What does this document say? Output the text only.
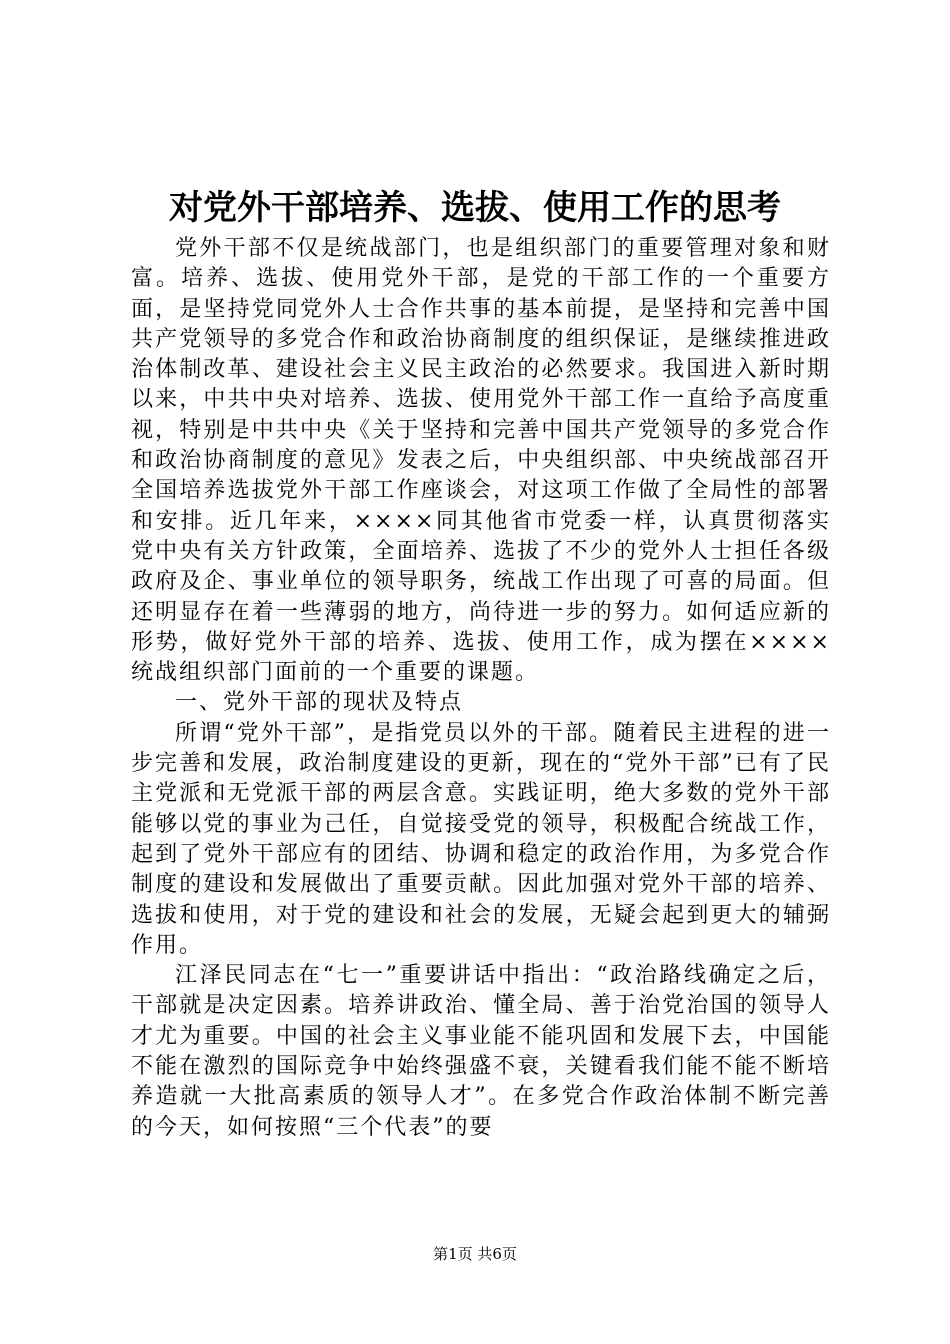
对党外干部培养、选拔、使用工作的思考

党外干部不仅是统战部门，也是组织部门的重要管理对象和财富。培养、选拔、使用党外干部，是党的干部工作的一个重要方面，是坚持党同党外人士合作共事的基本前提，是坚持和完善中国共产党领导的多党合作和政治协商制度的组织保证，是继续推进政治体制改革、建设社会主义民主政治的必然要求。我国进入新时期以来，中共中央对培养、选拔、使用党外干部工作一直给予高度重视，特别是中共中央《关于坚持和完善中国共产党领导的多党合作和政治协商制度的意见》发表之后，中央组织部、中央统战部召开全国培养选拔党外干部工作座谈会，对这项工作做了全局性的部署和安排。近几年来，××××同其他省市党委一样，认真贯彻落实党中央有关方针政策，全面培养、选拔了不少的党外人士担任各级政府及企、事业单位的领导职务，统战工作出现了可喜的局面。但还明显存在着一些薄弱的地方，尚待进一步的努力。如何适应新的形势，做好党外干部的培养、选拔、使用工作，成为摆在××××统战组织部门面前的一个重要的课题。

一、党外干部的现状及特点

所谓“党外干部”，是指党员以外的干部。随着民主进程的进一步完善和发展，政治制度建设的更新，现在的“党外干部”已有了民主党派和无党派干部的两层含意。实践证明，绝大多数的党外干部能够以党的事业为己任，自觉接受党的领导，积极配合统战工作，起到了党外干部应有的团结、协调和稳定的政治作用，为多党合作制度的建设和发展做出了重要贡献。因此加强对党外干部的培养、选拔和使用，对于党的建设和社会的发展，无疑会起到更大的辅弼作用。

江泽民同志在“七一”重要讲话中指出：“政治路线确定之后，干部就是决定因素。培养讲政治、懂全局、善于治党治国的领导人才尤为重要。中国的社会主义事业能不能巩固和发展下去，中国能不能在激烈的国际竞争中始终强盛不衰，关键看我们能不能不断培养造就一大批高素质的领导人才”。在多党合作政治体制不断完善的今天，如何按照“三个代表”的要

第1页 共6页
